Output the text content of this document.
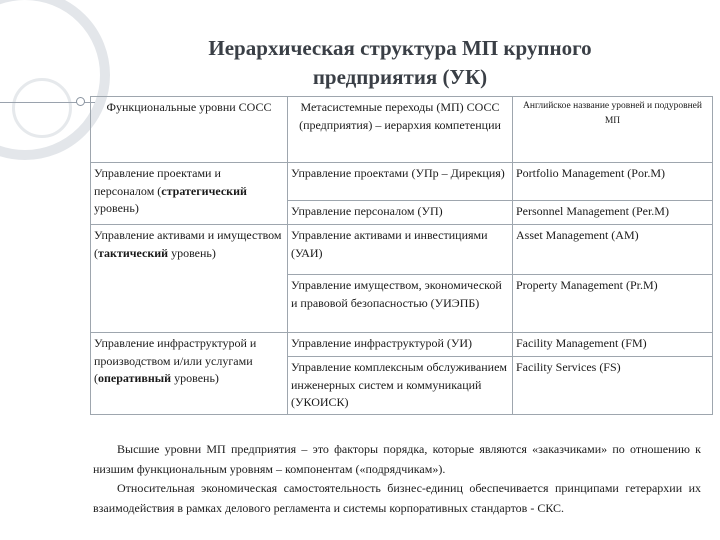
Иерархическая структура МП крупного
предприятия (УК)
Функциональные уровни СОСС	Метасистемные переходы (МП) СОСС (предприятия) – иерархия компетенции	Английское название уровней и подуровней МП
Управление проектами и персоналом (стратегический уровень)	Управление проектами (УПр – Дирекция)	Portfolio Management (Por.M)
	Управление персоналом (УП)	Personnel Management (Per.M)
Управление активами и имуществом (тактический уровень)	Управление активами и инвестициями (УАИ)	Asset Management (AM)
	Управление имуществом, экономической и правовой безопасностью (УИЭПБ)	Property Management (Pr.M)
Управление инфраструктурой и производством и/или услугами (оперативный уровень)	Управление инфраструктурой (УИ)	Facility Management (FM)
	Управление комплексным обслуживанием инженерных систем и коммуникаций (УКОИСК)	Facility Services (FS)

Высшие уровни МП предприятия – это факторы порядка, которые являются «заказчиками» по отношению к низшим функциональным уровням – компонентам («подрядчикам»).

Относительная экономическая самостоятельность бизнес-единиц обеспечивается принципами гетерархии их взаимодействия в рамках делового регламента и системы корпоративных стандартов - СКС.
